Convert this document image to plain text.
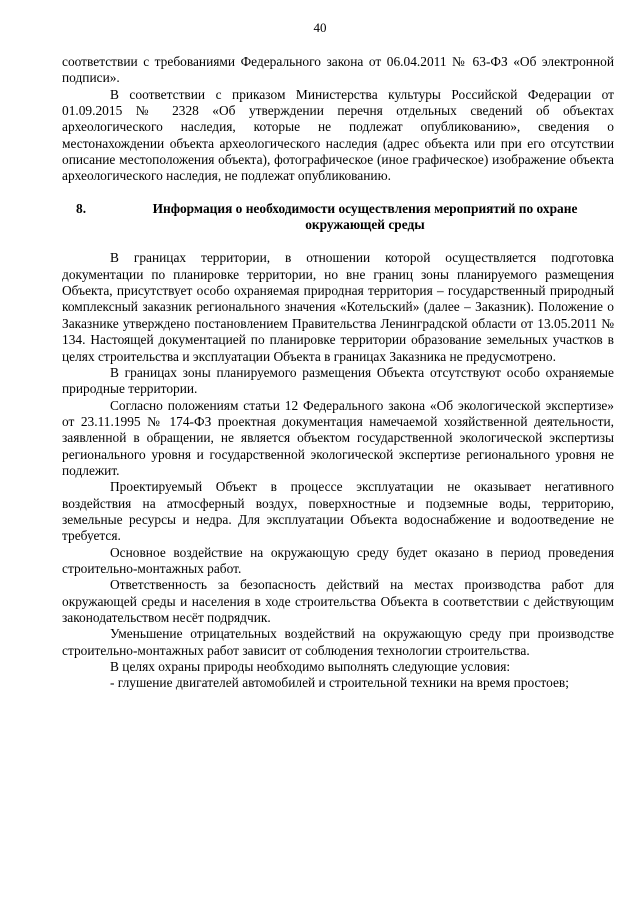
40

соответствии с требованиями Федерального закона от 06.04.2011 № 63-ФЗ «Об электронной подписи».

В соответствии с приказом Министерства культуры Российской Федерации от 01.09.2015 № 2328 «Об утверждении перечня отдельных сведений об объектах археологического наследия, которые не подлежат опубликованию», сведения о местонахождении объекта археологического наследия (адрес объекта или при его отсутствии описание местоположения объекта), фотографическое (иное графическое) изображение объекта археологического наследия, не подлежат опубликованию.

8.	Информация о необходимости осуществления мероприятий по охране окружающей среды

В границах территории, в отношении которой осуществляется подготовка документации по планировке территории, но вне границ зоны планируемого размещения Объекта, присутствует особо охраняемая природная территория – государственный природный комплексный заказник регионального значения «Котельский» (далее – Заказник). Положение о Заказнике утверждено постановлением Правительства Ленинградской области от 13.05.2011 № 134. Настоящей документацией по планировке территории образование земельных участков в целях строительства и эксплуатации Объекта в границах Заказника не предусмотрено.

В границах зоны планируемого размещения Объекта отсутствуют особо охраняемые природные территории.

Согласно положениям статьи 12 Федерального закона «Об экологической экспертизе» от 23.11.1995 № 174-ФЗ проектная документация намечаемой хозяйственной деятельности, заявленной в обращении, не является объектом государственной экологической экспертизы регионального уровня и государственной экологической экспертизе регионального уровня не подлежит.

Проектируемый Объект в процессе эксплуатации не оказывает негативного воздействия на атмосферный воздух, поверхностные и подземные воды, территорию, земельные ресурсы и недра. Для эксплуатации Объекта водоснабжение и водоотведение не требуется.

Основное воздействие на окружающую среду будет оказано в период проведения строительно-монтажных работ.

Ответственность за безопасность действий на местах производства работ для окружающей среды и населения в ходе строительства Объекта в соответствии с действующим законодательством несёт подрядчик.

Уменьшение отрицательных воздействий на окружающую среду при производстве строительно-монтажных работ зависит от соблюдения технологии строительства.

В целях охраны природы необходимо выполнять следующие условия:

- глушение двигателей автомобилей и строительной техники на время простоев;
